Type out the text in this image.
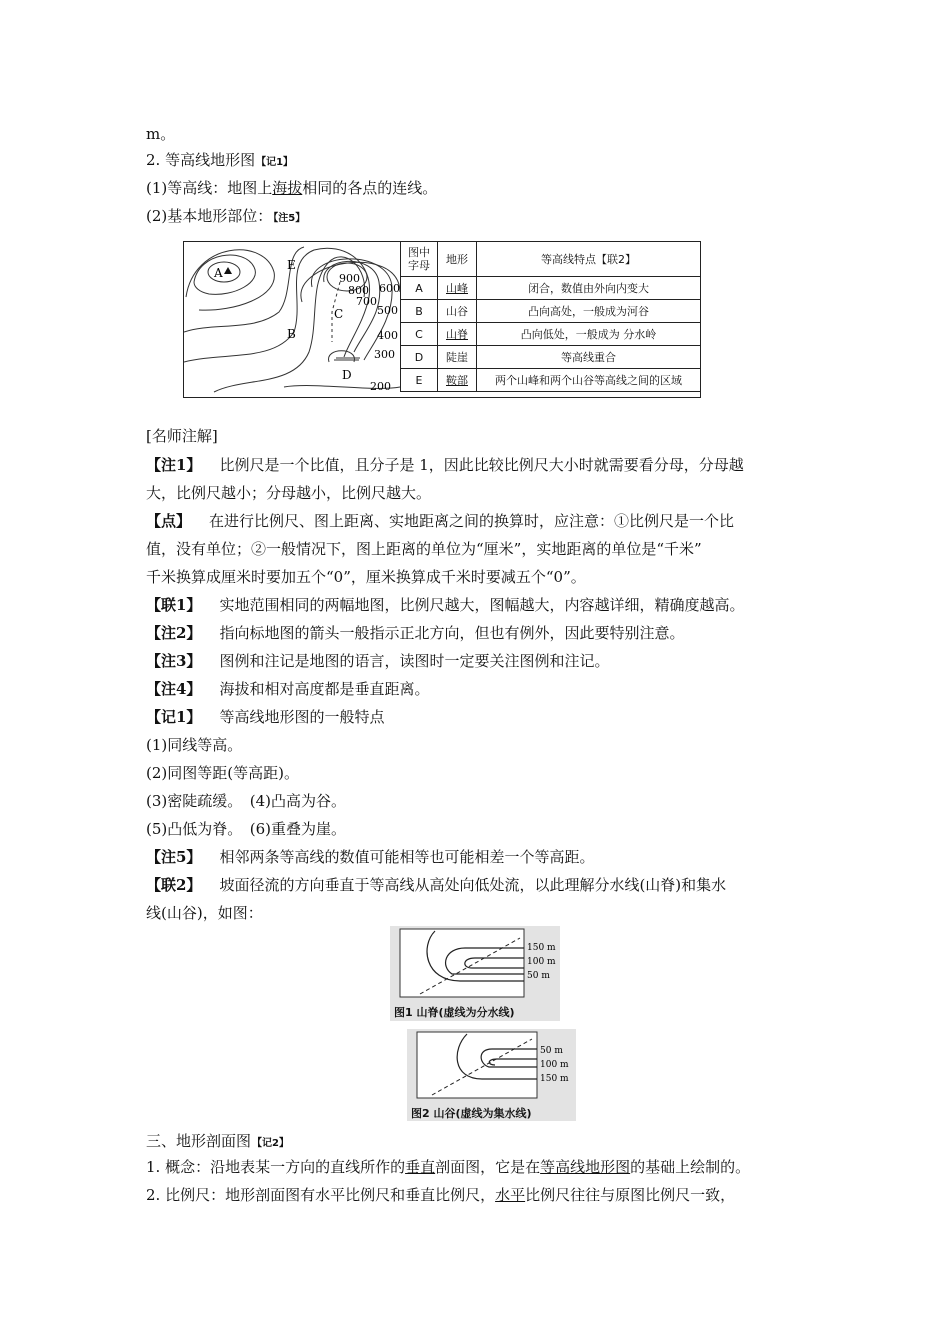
m。
2. 等高线地形图【记1】
(1)等高线：地图上海拔相同的各点的连线。
(2)基本地形部位：【注5】
A
B
C
D
E
900
800
700
600
500
400
300
200
图中字母	地形	等高线特点【联2】
A	山峰	闭合，数值由外向内变大
B	山谷	凸向高处，一般成为河谷
C	山脊	凸向低处，一般成为 分水岭
D	陡崖	等高线重合
E	鞍部	两个山峰和两个山谷等高线之间的区域
[名师注解]
【注1】 比例尺是一个比值，且分子是 1，因此比较比例尺大小时就需要看分母，分母越
大，比例尺越小；分母越小，比例尺越大。
【点】 在进行比例尺、图上距离、实地距离之间的换算时，应注意：①比例尺是一个比
值，没有单位；②一般情况下，图上距离的单位为“厘米”，实地距离的单位是“千米”
千米换算成厘米时要加五个“0”，厘米换算成千米时要减五个“0”。
【联1】 实地范围相同的两幅地图，比例尺越大，图幅越大，内容越详细，精确度越高。
【注2】 指向标地图的箭头一般指示正北方向，但也有例外，因此要特别注意。
【注3】 图例和注记是地图的语言，读图时一定要关注图例和注记。
【注4】 海拔和相对高度都是垂直距离。
【记1】 等高线地形图的一般特点
(1)同线等高。
(2)同图等距(等高距)。
(3)密陡疏缓。　(4)凸高为谷。
(5)凸低为脊。　(6)重叠为崖。
【注5】 相邻两条等高线的数值可能相等也可能相差一个等高距。
【联2】 坡面径流的方向垂直于等高线从高处向低处流，以此理解分水线(山脊)和集水
线(山谷)，如图：
150 m
100 m
50 m
图1 山脊(虚线为分水线)
50 m
100 m
150 m
图2 山谷(虚线为集水线)
三、地形剖面图【记2】
1. 概念：沿地表某一方向的直线所作的垂直剖面图，它是在等高线地形图的基础上绘制的。
2. 比例尺：地形剖面图有水平比例尺和垂直比例尺，水平比例尺往往与原图比例尺一致，
